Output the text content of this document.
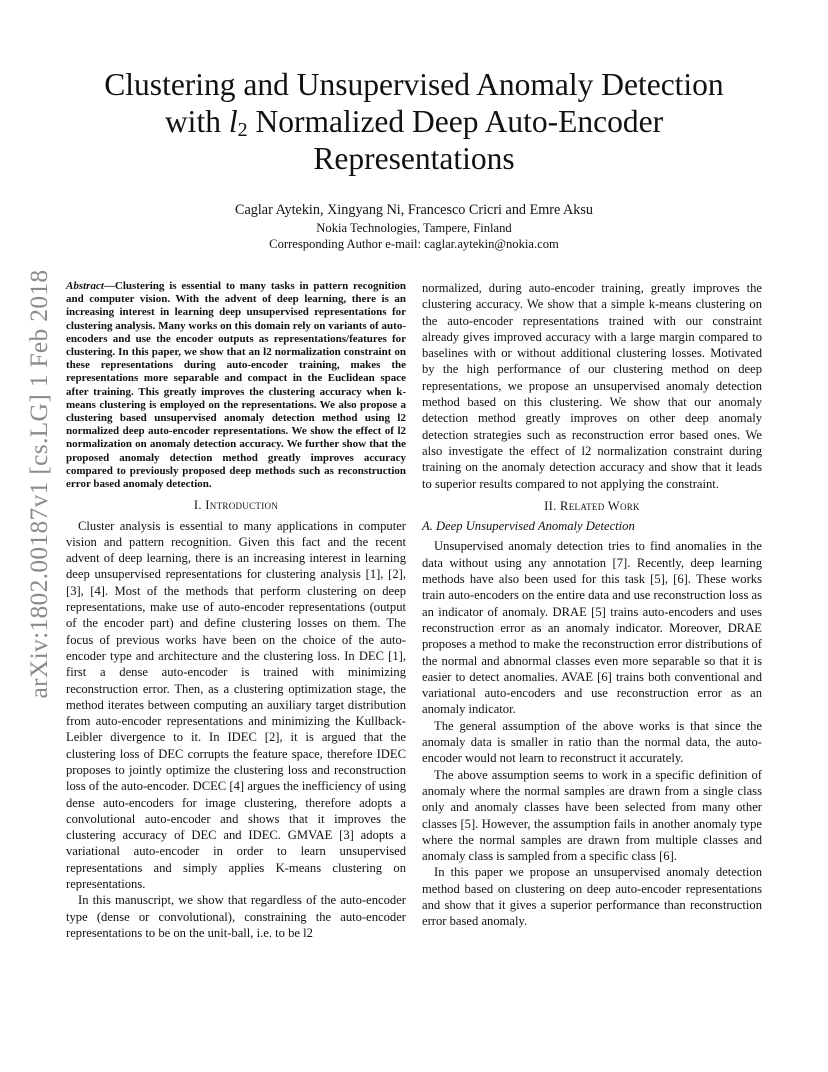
arXiv:1802.00187v1 [cs.LG] 1 Feb 2018
Clustering and Unsupervised Anomaly Detection
with $l_2$ Normalized Deep Auto-Encoder
Representations
Caglar Aytekin, Xingyang Ni, Francesco Cricri and Emre Aksu
Nokia Technologies, Tampere, Finland
Corresponding Author e-mail: caglar.aytekin@nokia.com
Abstract—Clustering is essential to many tasks in pattern recognition and computer vision. With the advent of deep learning, there is an increasing interest in learning deep unsupervised representations for clustering analysis. Many works on this domain rely on variants of auto-encoders and use the encoder outputs as representations/features for clustering. In this paper, we show that an l2 normalization constraint on these representations during auto-encoder training, makes the representations more separable and compact in the Euclidean space after training. This greatly improves the clustering accuracy when k-means clustering is employed on the representations. We also propose a clustering based unsupervised anomaly detection method using l2 normalized deep auto-encoder representations. We show the effect of l2 normalization on anomaly detection accuracy. We further show that the proposed anomaly detection method greatly improves accuracy compared to previously proposed deep methods such as reconstruction error based anomaly detection.
I. Introduction

Cluster analysis is essential to many applications in computer vision and pattern recognition. Given this fact and the recent advent of deep learning, there is an increasing interest in learning deep unsupervised representations for clustering analysis [1], [2], [3], [4]. Most of the methods that perform clustering on deep representations, make use of auto-encoder representations (output of the encoder part) and define clustering losses on them. The focus of previous works have been on the choice of the auto-encoder type and architecture and the clustering loss. In DEC [1], first a dense auto-encoder is trained with minimizing reconstruction error. Then, as a clustering optimization stage, the method iterates between computing an auxiliary target distribution from auto-encoder representations and minimizing the Kullback-Leibler divergence to it. In IDEC [2], it is argued that the clustering loss of DEC corrupts the feature space, therefore IDEC proposes to jointly optimize the clustering loss and reconstruction loss of the auto-encoder. DCEC [4] argues the inefficiency of using dense auto-encoders for image clustering, therefore adopts a convolutional auto-encoder and shows that it improves the clustering accuracy of DEC and IDEC. GMVAE [3] adopts a variational auto-encoder in order to learn unsupervised representations and simply applies K-means clustering on representations.

In this manuscript, we show that regardless of the auto-encoder type (dense or convolutional), constraining the auto-encoder representations to be on the unit-ball, i.e. to be l2

normalized, during auto-encoder training, greatly improves the clustering accuracy. We show that a simple k-means clustering on the auto-encoder representations trained with our constraint already gives improved accuracy with a large margin compared to baselines with or without additional clustering losses. Motivated by the high performance of our clustering method on deep representations, we propose an unsupervised anomaly detection method based on this clustering. We show that our anomaly detection method greatly improves on other deep anomaly detection strategies such as reconstruction error based ones. We also investigate the effect of l2 normalization constraint during training on the anomaly detection accuracy and show that it leads to superior results compared to not applying the constraint.

II. Related Work
A. Deep Unsupervised Anomaly Detection

Unsupervised anomaly detection tries to find anomalies in the data without using any annotation [7]. Recently, deep learning methods have also been used for this task [5], [6]. These works train auto-encoders on the entire data and use reconstruction loss as an indicator of anomaly. DRAE [5] trains auto-encoders and uses reconstruction error as an anomaly indicator. Moreover, DRAE proposes a method to make the reconstruction error distributions of the normal and abnormal classes even more separable so that it is easier to detect anomalies. AVAE [6] trains both conventional and variational auto-encoders and use reconstruction error as an anomaly indicator.

The general assumption of the above works is that since the anomaly data is smaller in ratio than the normal data, the auto-encoder would not learn to reconstruct it accurately.

The above assumption seems to work in a specific definition of anomaly where the normal samples are drawn from a single class only and anomaly classes have been selected from many other classes [5]. However, the assumption fails in another anomaly type where the normal samples are drawn from multiple classes and anomaly class is sampled from a specific class [6].

In this paper we propose an unsupervised anomaly detection method based on clustering on deep auto-encoder representations and show that it gives a superior performance than reconstruction error based anomaly.
